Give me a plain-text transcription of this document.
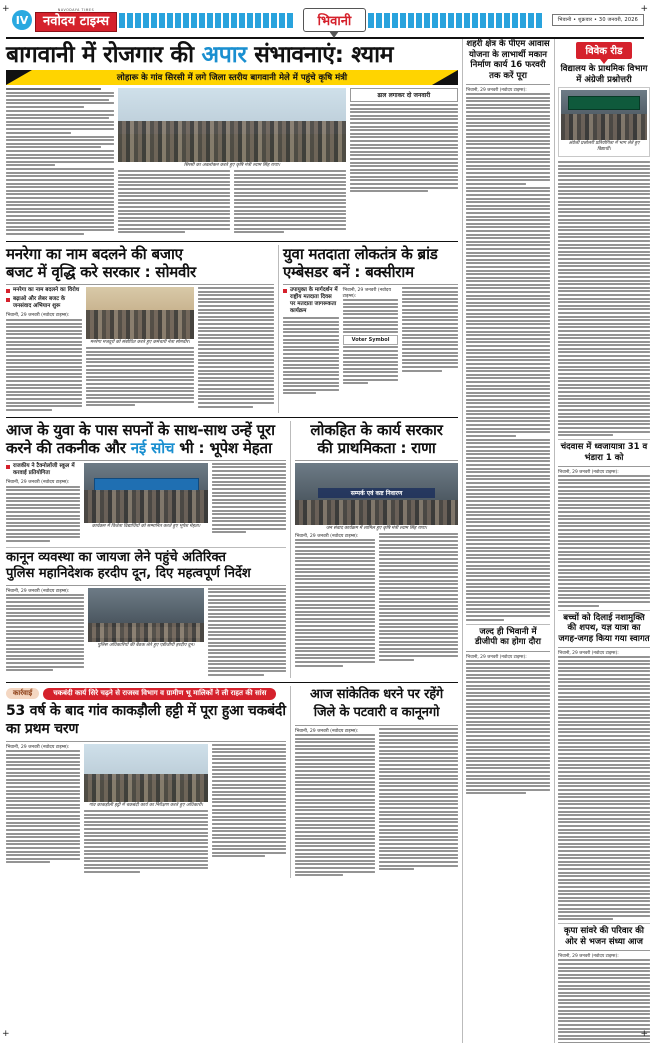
+	+
IV
NAVODAYA TIMES
नवोदय टाइम्स	भिवानी	भिवानी • शुक्रवार • 30 जनवरी, 2026
बागवानी में रोजगार की अपार संभावनाएं: श्याम
लोहारू के गांव सिरसी में लगे जिला स्तरीय बागवानी मेले में पहुंचे कृषि मंत्री
सिरसी का अवलोकन करते हुए कृषि मंत्री श्याम सिंह राणा।
ढाल लगाकर दो जनवारी
मनरेगा का नाम बदलने की बजाए
बजट में वृद्धि करे सरकार : सोमवीर
मनरेगा का नाम बदलने का विरोध
बढ़ाओ और लेबर बजट के जनसंवाद अभियान शुरू
भिवानी, 29 जनवरी (नवोदय टाइम्स):
मनरेगा मजदूरों को संबोधित करते हुए कर्मचारी नेता सोमवीर।
युवा मतदाता लोकतंत्र के ब्रांड एम्बेसडर बनें : बक्सीराम
उपायुक्त के मार्गदर्शन में राष्ट्रीय मतदाता दिवस पर मतदाता जागरूकता कार्यक्रम
भिवानी, 29 जनवरी (नवोदय टाइम्स):
Voter Symbol
आज के युवा के पास सपनों के साथ-साथ उन्हें पूरा
करने की तकनीक और नई सोच भी : भूपेश मेहता
राजकीय ने टैक्नोलॉजी स्कूल में करवाई प्रतियोगिता
भिवानी, 29 जनवरी (नवोदय टाइम्स):
कार्यक्रम में विजेता विद्यार्थियों को सम्मानित करते हुए भूपेश मेहता।
कानून व्यवस्था का जायजा लेने पहुंचे अतिरिक्त
पुलिस महानिदेशक हरदीप दून, दिए महत्वपूर्ण निर्देश
भिवानी, 29 जनवरी (नवोदय टाइम्स):
पुलिस अधिकारियों की बैठक लेते हुए एडीजीपी हरदीप दून।
लोकहित के कार्य सरकार
की प्राथमिकता : राणा
सम्पर्क एवं कष्ट निवारण
जन संवाद कार्यक्रम में शामिल हुए कृषि मंत्री श्याम सिंह राणा।
भिवानी, 29 जनवरी (नवोदय टाइम्स):
कार्रवाई	चकबंदी कार्य सिरे चढ़ने से राजस्व विभाग व ग्रामीण भू मालिकों ने ली राहत की सांस
53 वर्ष के बाद गांव काकड़ौली हट्टी में पूरा हुआ चकबंदी का प्रथम चरण
भिवानी, 29 जनवरी (नवोदय टाइम्स):
गांव काकड़ौली हट्टी में चकबंदी कार्य का निरीक्षण करते हुए अधिकारी।
आज सांकेतिक धरने पर रहेंगे
जिले के पटवारी व कानूनगो
भिवानी, 29 जनवरी (नवोदय टाइम्स):
शहरी क्षेत्र के पीएम आवास योजना के लाभार्थी मकान निर्माण कार्य 16 फरवरी तक करें पूरा
भिवानी, 29 जनवरी (नवोदय टाइम्स):
जल्द ही भिवानी में
डीजीपी का होगा दौरा
भिवानी, 29 जनवरी (नवोदय टाइम्स):
विवेक रीड
विद्यालय के प्राथमिक विभाग में अंग्रेजी प्रश्नोत्तरी
अंग्रेजी प्रश्नोत्तरी प्रतियोगिता में भाग लेते हुए विद्यार्थी।
चंदवास में ध्वजायात्रा 31 व भंडारा 1 को
भिवानी, 29 जनवरी (नवोदय टाइम्स):
बच्चों को दिलाई नशामुक्ति की शपथ, यज्ञ यात्रा का जगह-जगह किया गया स्वागत
भिवानी, 29 जनवरी (नवोदय टाइम्स):
कृपा सांवरे की परिवार की
ओर से भजन संध्या आज
भिवानी, 29 जनवरी (नवोदय टाइम्स):
+	+
